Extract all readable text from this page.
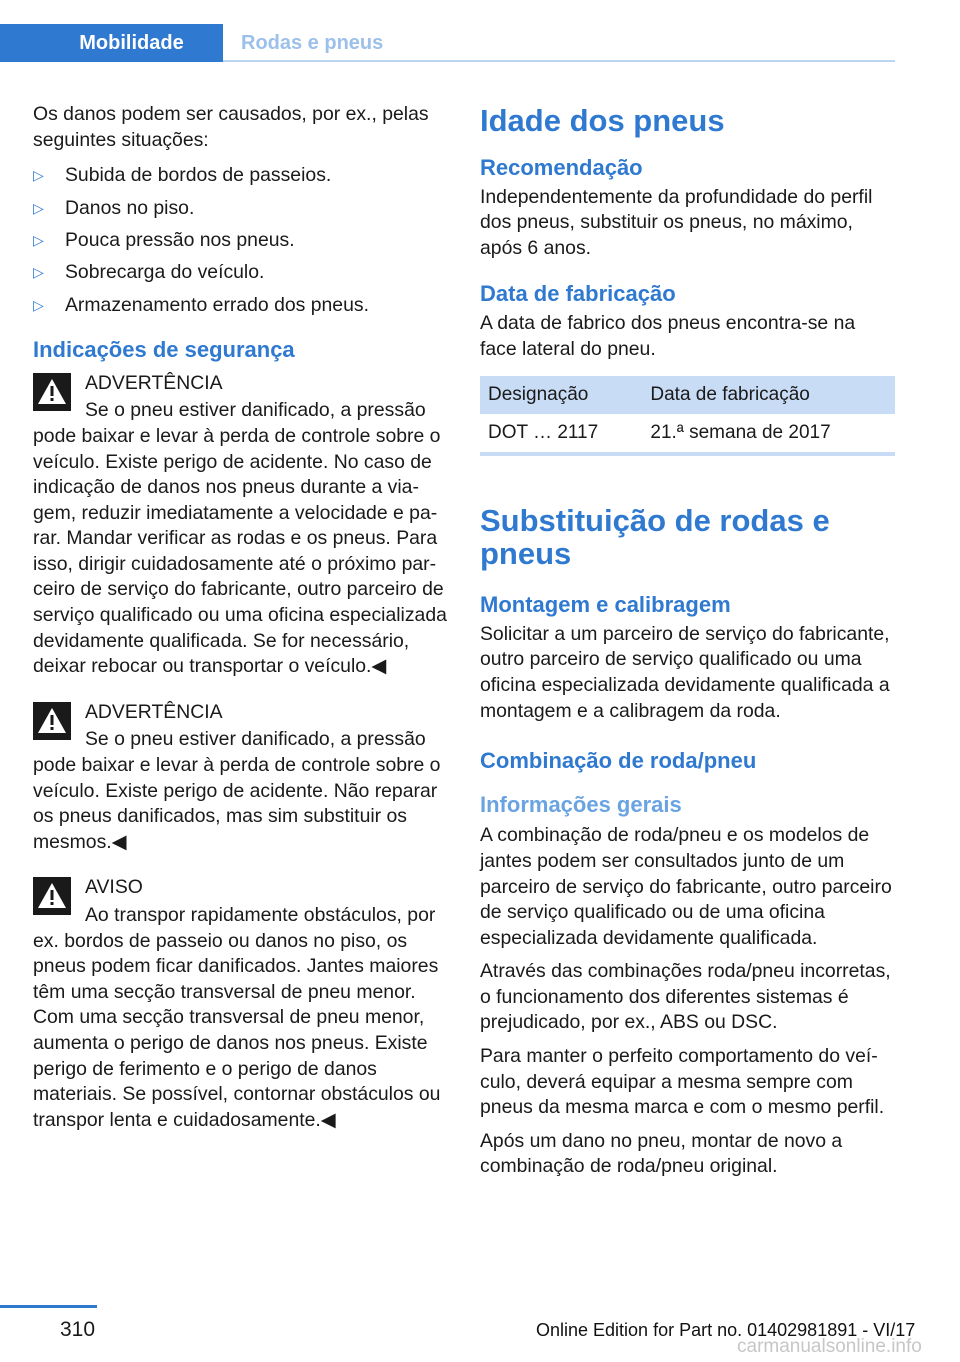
Mobilidade	Rodas e pneus

Os danos podem ser causados, por ex., pelas seguintes situações:

▷ Subida de bordos de passeios.
▷ Danos no piso.
▷ Pouca pressão nos pneus.
▷ Sobrecarga do veículo.
▷ Armazenamento errado dos pneus.
Indicações de segurança

ADVERTÊNCIA

Se o pneu estiver danificado, a pressão

pode baixar e levar à perda de controle sobre o veículo. Existe perigo de acidente. No caso de indicação de danos nos pneus durante a viagem, reduzir imediatamente a velocidade e parar. Mandar verificar as rodas e os pneus. Para isso, dirigir cuidadosamente até o próximo parceiro de serviço do fabricante, outro parceiro de serviço qualificado ou uma oficina especializada devidamente qualificada. Se for necessário, deixar rebocar ou transportar o veículo.◀

ADVERTÊNCIA

Se o pneu estiver danificado, a pressão

pode baixar e levar à perda de controle sobre o veículo. Existe perigo de acidente. Não reparar os pneus danificados, mas sim substituir os mesmos.◀

AVISO

Ao transpor rapidamente obstáculos, por

ex. bordos de passeio ou danos no piso, os pneus podem ficar danificados. Jantes maiores têm uma secção transversal de pneu menor. Com uma secção transversal de pneu menor, aumenta o perigo de danos nos pneus. Existe perigo de ferimento e o perigo de danos materiais. Se possível, contornar obstáculos ou transpor lenta e cuidadosamente.◀

Idade dos pneus
Recomendação

Independentemente da profundidade do perfil dos pneus, substituir os pneus, no máximo, após 6 anos.

Data de fabricação

A data de fabrico dos pneus encontra-se na face lateral do pneu.

Designação	Data de fabricação
DOT … 2117	21.ª semana de 2017
Substituição de rodas e pneus
Montagem e calibragem

Solicitar a um parceiro de serviço do fabricante, outro parceiro de serviço qualificado ou uma oficina especializada devidamente qualificada a montagem e a calibragem da roda.

Combinação de roda/pneu
Informações gerais

A combinação de roda/pneu e os modelos de jantes podem ser consultados junto de um parceiro de serviço do fabricante, outro parceiro de serviço qualificado ou de uma oficina especializada devidamente qualificada.

Através das combinações roda/pneu incorretas, o funcionamento dos diferentes sistemas é prejudicado, por ex., ABS ou DSC.

Para manter o perfeito comportamento do veículo, deverá equipar a mesma sempre com pneus da mesma marca e com o mesmo perfil.

Após um dano no pneu, montar de novo a combinação de roda/pneu original.

310	Online Edition for Part no. 01402981891 - VI/17
carmanualsonline.info
